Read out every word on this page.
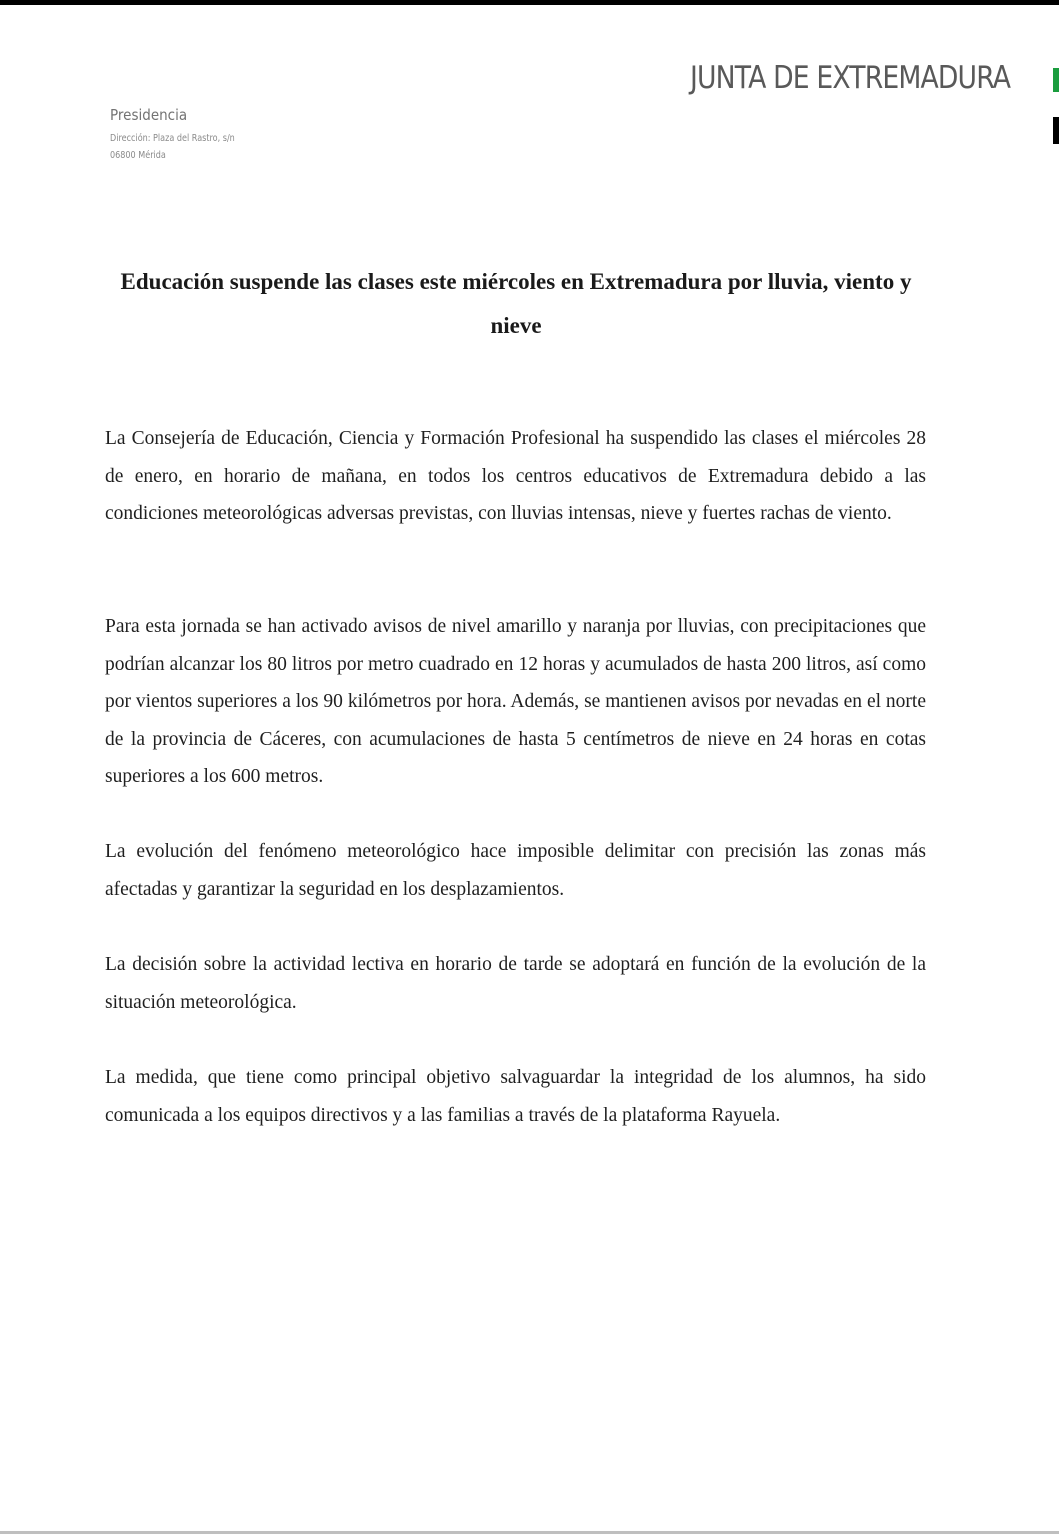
JUNTA DE EXTREMADURA
Presidencia
Dirección: Plaza del Rastro, s/n
06800 Mérida
Educación suspende las clases este miércoles en Extremadura por lluvia, viento y nieve

La Consejería de Educación, Ciencia y Formación Profesional ha suspendido las clases el miércoles 28 de enero, en horario de mañana, en todos los centros educativos de Extremadura debido a las condiciones meteorológicas adversas previstas, con lluvias intensas, nieve y fuertes rachas de viento.

Para esta jornada se han activado avisos de nivel amarillo y naranja por lluvias, con precipitaciones que podrían alcanzar los 80 litros por metro cuadrado en 12 horas y acumulados de hasta 200 litros, así como por vientos superiores a los 90 kilómetros por hora. Además, se mantienen avisos por nevadas en el norte de la provincia de Cáceres, con acumulaciones de hasta 5 centímetros de nieve en 24 horas en cotas superiores a los 600 metros.

La evolución del fenómeno meteorológico hace imposible delimitar con precisión las zonas más afectadas y garantizar la seguridad en los desplazamientos.

La decisión sobre la actividad lectiva en horario de tarde se adoptará en función de la evolución de la situación meteorológica.

La medida, que tiene como principal objetivo salvaguardar la integridad de los alumnos, ha sido comunicada a los equipos directivos y a las familias a través de la plataforma Rayuela.
